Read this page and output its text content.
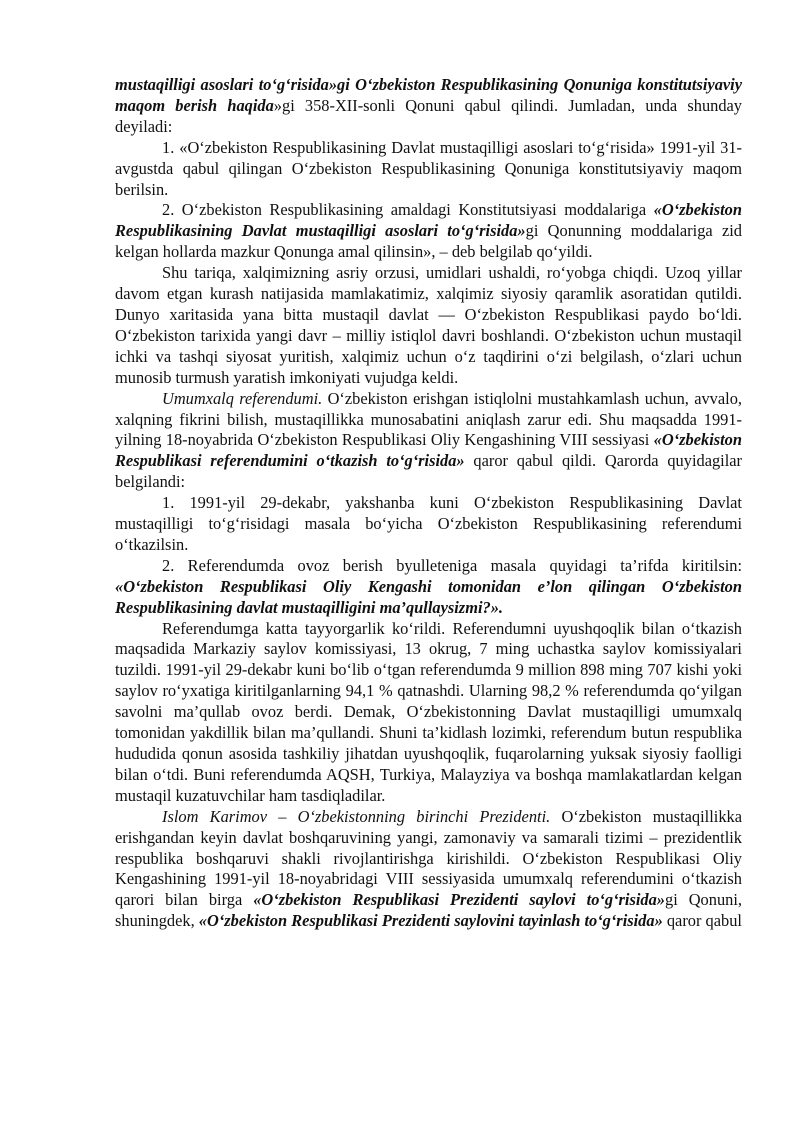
mustaqilligi asoslari to‘g‘risida»gi O‘zbekiston Respublikasining Qonuniga konstitutsiyaviy maqom berish haqida»gi 358-XII-sonli Qonuni qabul qilindi. Jumladan, unda shunday deyiladi:

1. «O‘zbekiston Respublikasining Davlat mustaqilligi asoslari to‘g‘risida» 1991-yil 31-avgustda qabul qilingan O‘zbekiston Respublikasining Qonuniga konstitutsiyaviy maqom berilsin.

2. O‘zbekiston Respublikasining amaldagi Konstitutsiyasi moddalariga «O‘zbekiston Respublikasining Davlat mustaqilligi asoslari to‘g‘risida»gi Qonunning moddalariga zid kelgan hollarda mazkur Qonunga amal qilinsin», – deb belgilab qo‘yildi.

Shu tariqa, xalqimizning asriy orzusi, umidlari ushaldi, ro‘yobga chiqdi. Uzoq yillar davom etgan kurash natijasida mamlakatimiz, xalqimiz siyosiy qaramlik asoratidan qutildi. Dunyo xaritasida yana bitta mustaqil davlat — O‘zbekiston Respublikasi paydo bo‘ldi. O‘zbekiston tarixida yangi davr – milliy istiqlol davri boshlandi. O‘zbekiston uchun mustaqil ichki va tashqi siyosat yuritish, xalqimiz uchun o‘z taqdirini o‘zi belgilash, o‘zlari uchun munosib turmush yaratish imkoniyati vujudga keldi.

Umumxalq referendumi. O‘zbekiston erishgan istiqlolni mustahkamlash uchun, avvalo, xalqning fikrini bilish, mustaqillikka munosabatini aniqlash zarur edi. Shu maqsadda 1991-yilning 18-noyabrida O‘zbekiston Respublikasi Oliy Kengashining VIII sessiyasi «O‘zbekiston Respublikasi referendumini o‘tkazish to‘g‘risida» qaror qabul qildi. Qarorda quyidagilar belgilandi:

1. 1991-yil 29-dekabr, yakshanba kuni O‘zbekiston Respublikasining Davlat mustaqilligi to‘g‘risidagi masala bo‘yicha O‘zbekiston Respublikasining referendumi o‘tkazilsin.

2. Referendumda ovoz berish byulleteniga masala quyidagi ta’rifda kiritilsin: «O‘zbekiston Respublikasi Oliy Kengashi tomonidan e’lon qilingan O‘zbekiston Respublikasining davlat mustaqilligini ma’qullaysizmi?».

Referendumga katta tayyorgarlik ko‘rildi. Referendumni uyushqoqlik bilan o‘tkazish maqsadida Markaziy saylov komissiyasi, 13 okrug, 7 ming uchastka saylov komissiyalari tuzildi. 1991-yil 29-dekabr kuni bo‘lib o‘tgan referendumda 9 million 898 ming 707 kishi yoki saylov ro‘yxatiga kiritilganlarning 94,1 % qatnashdi. Ularning 98,2 % referendumda qo‘yilgan savolni ma’qullab ovoz berdi. Demak, O‘zbekistonning Davlat mustaqilligi umumxalq tomonidan yakdillik bilan ma’qullandi. Shuni ta’kidlash lozimki, referendum butun respublika hududida qonun asosida tashkiliy jihatdan uyushqoqlik, fuqarolarning yuksak siyosiy faolligi bilan o‘tdi. Buni referendumda AQSH, Turkiya, Malayziya va boshqa mamlakatlardan kelgan mustaqil kuzatuvchilar ham tasdiqladilar.

Islom Karimov – O‘zbekistonning birinchi Prezidenti. O‘zbekiston mustaqillikka erishgandan keyin davlat boshqaruvining yangi, zamonaviy va samarali tizimi – prezidentlik respublika boshqaruvi shakli rivojlantirishga kirishildi. O‘zbekiston Respublikasi Oliy Kengashining 1991-yil 18-noyabridagi VIII sessiyasida umumxalq referendumini o‘tkazish qarori bilan birga «O‘zbekiston Respublikasi Prezidenti saylovi to‘g‘risida»gi Qonuni, shuningdek, «O‘zbekiston Respublikasi Prezidenti saylovini tayinlash to‘g‘risida» qaror qabul
